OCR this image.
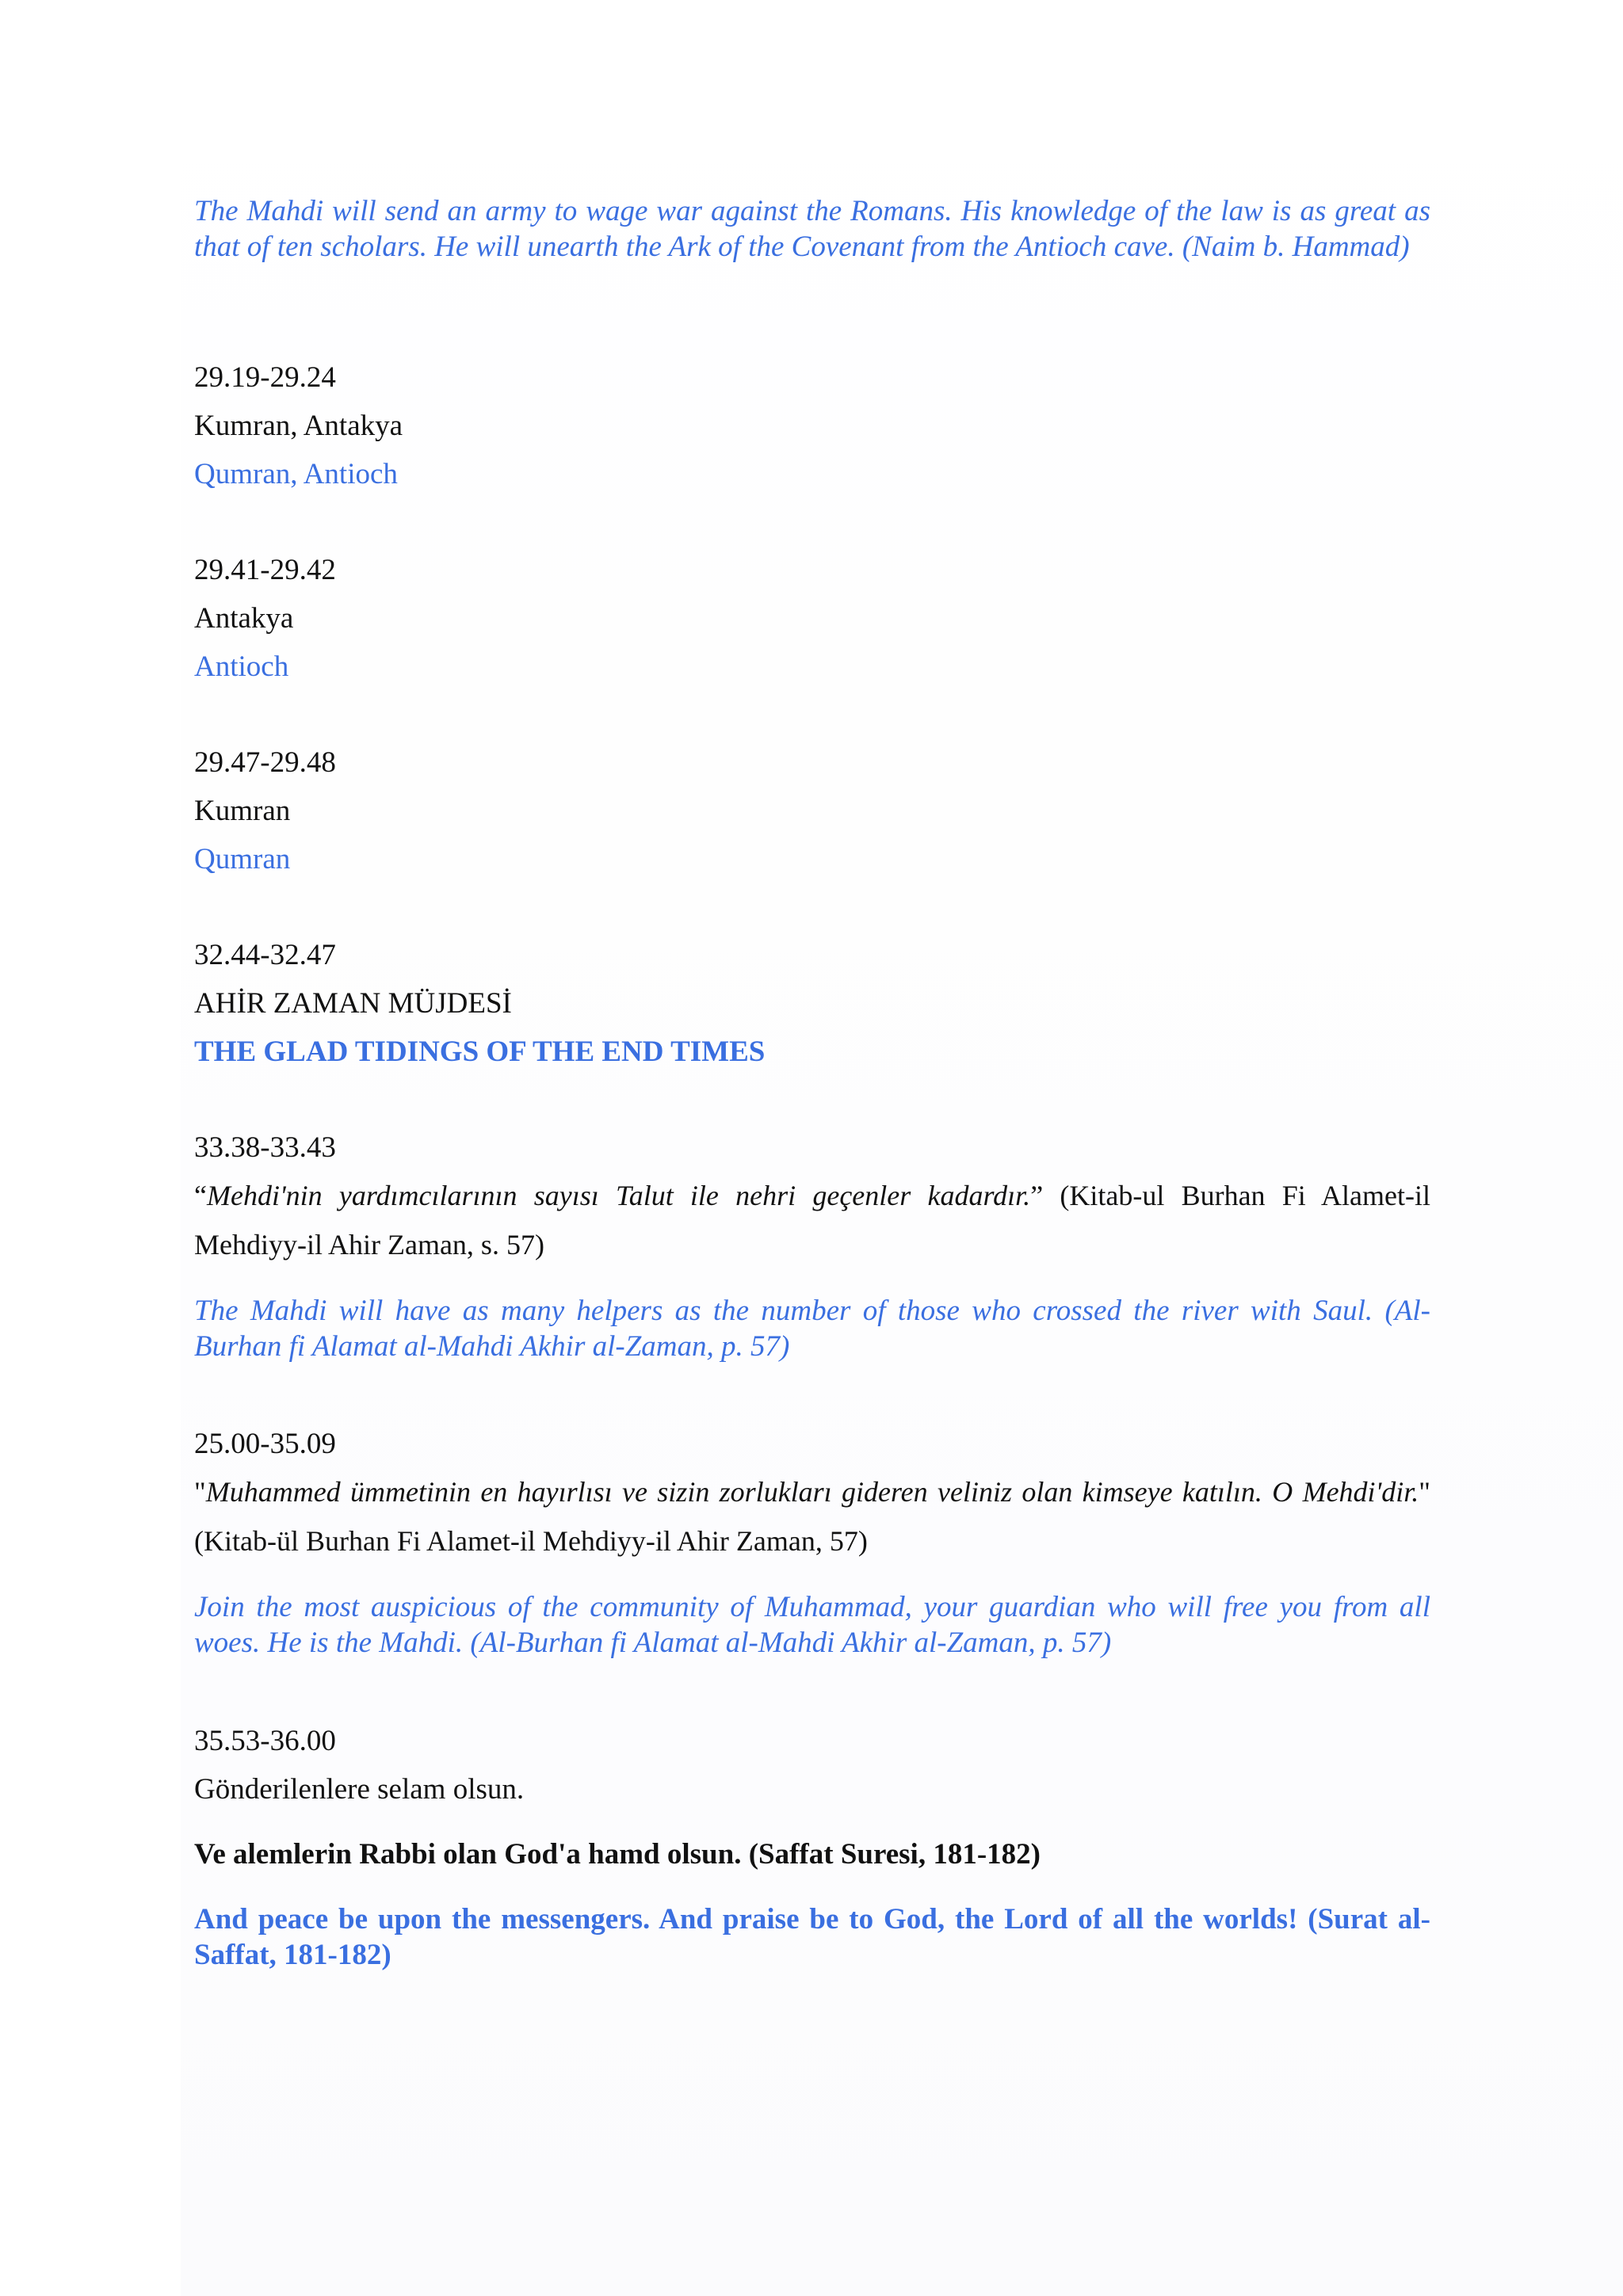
The Mahdi will send an army to wage war against the Romans. His knowledge of the law is as great as that of ten scholars. He will unearth the Ark of the Covenant from the Antioch cave. (Naim b. Hammad)

29.19-29.24

Kumran, Antakya

Qumran, Antioch

29.41-29.42

Antakya

Antioch

29.47-29.48

Kumran

Qumran

32.44-32.47

AHİR ZAMAN MÜJDESİ

THE GLAD TIDINGS OF THE END TIMES

33.38-33.43

“Mehdi'nin yardımcılarının sayısı Talut ile nehri geçenler kadardır.” (Kitab-ul Burhan Fi Alamet-il Mehdiyy-il Ahir Zaman, s. 57)

The Mahdi will have as many helpers as the number of those who crossed the river with Saul. (Al-Burhan fi Alamat al-Mahdi Akhir al-Zaman, p. 57)

25.00-35.09

"Muhammed ümmetinin en hayırlısı ve sizin zorlukları gideren veliniz olan kimseye katılın. O Mehdi'dir." (Kitab-ül Burhan Fi Alamet-il Mehdiyy-il Ahir Zaman, 57)

Join the most auspicious of the community of Muhammad, your guardian who will free you from all woes. He is the Mahdi. (Al-Burhan fi Alamat al-Mahdi Akhir al-Zaman, p. 57)

35.53-36.00

Gönderilenlere selam olsun.

Ve alemlerin Rabbi olan God'a hamd olsun. (Saffat Suresi, 181-182)

And peace be upon the messengers. And praise be to God, the Lord of all the worlds! (Surat al-Saffat, 181-182)
